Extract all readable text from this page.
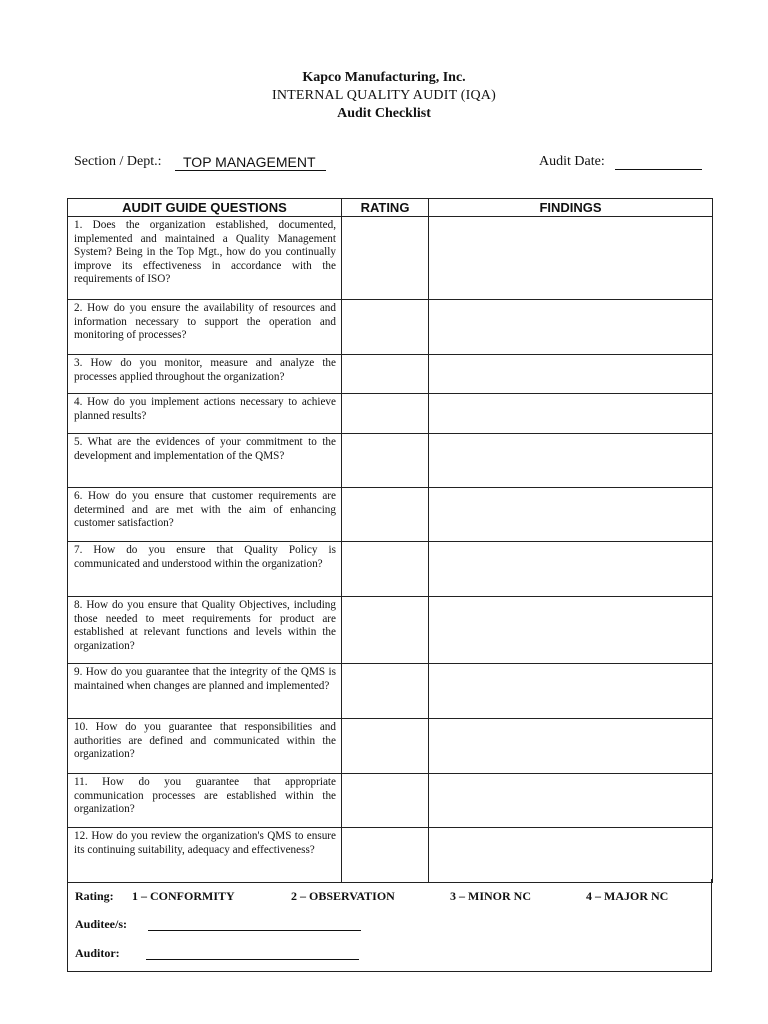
Kapco Manufacturing, Inc.
INTERNAL QUALITY AUDIT (IQA)
Audit Checklist
Section / Dept.:	TOP MANAGEMENT	Audit Date:
AUDIT GUIDE QUESTIONS	RATING	FINDINGS
1. Does the organization established, documented, implemented and maintained a Quality Management System? Being in the Top Mgt., how do you continually improve its effectiveness in accordance with the requirements of ISO?		
2. How do you ensure the availability of resources and information necessary to support the operation and monitoring of processes?		
3. How do you monitor, measure and analyze the processes applied throughout the organization?		
4. How do you implement actions necessary to achieve planned results?		
5. What are the evidences of your commitment to the development and implementation of the QMS?		
6. How do you ensure that customer requirements are determined and are met with the aim of enhancing customer satisfaction?		
7. How do you ensure that Quality Policy is communicated and understood within the organization?		
8. How do you ensure that Quality Objectives, including those needed to meet requirements for product are established at relevant functions and levels within the organization?		
9. How do you guarantee that the integrity of the QMS is maintained when changes are planned and implemented?		
10. How do you guarantee that responsibilities and authorities are defined and communicated within the organization?		
11. How do you guarantee that appropriate communication processes are established within the organization?		
12. How do you review the organization's QMS to ensure its continuing suitability, adequacy and effectiveness?		
Rating: 1 – CONFORMITY	2 – OBSERVATION	3 – MINOR NC	4 – MAJOR NC
Auditee/s:
Auditor:
